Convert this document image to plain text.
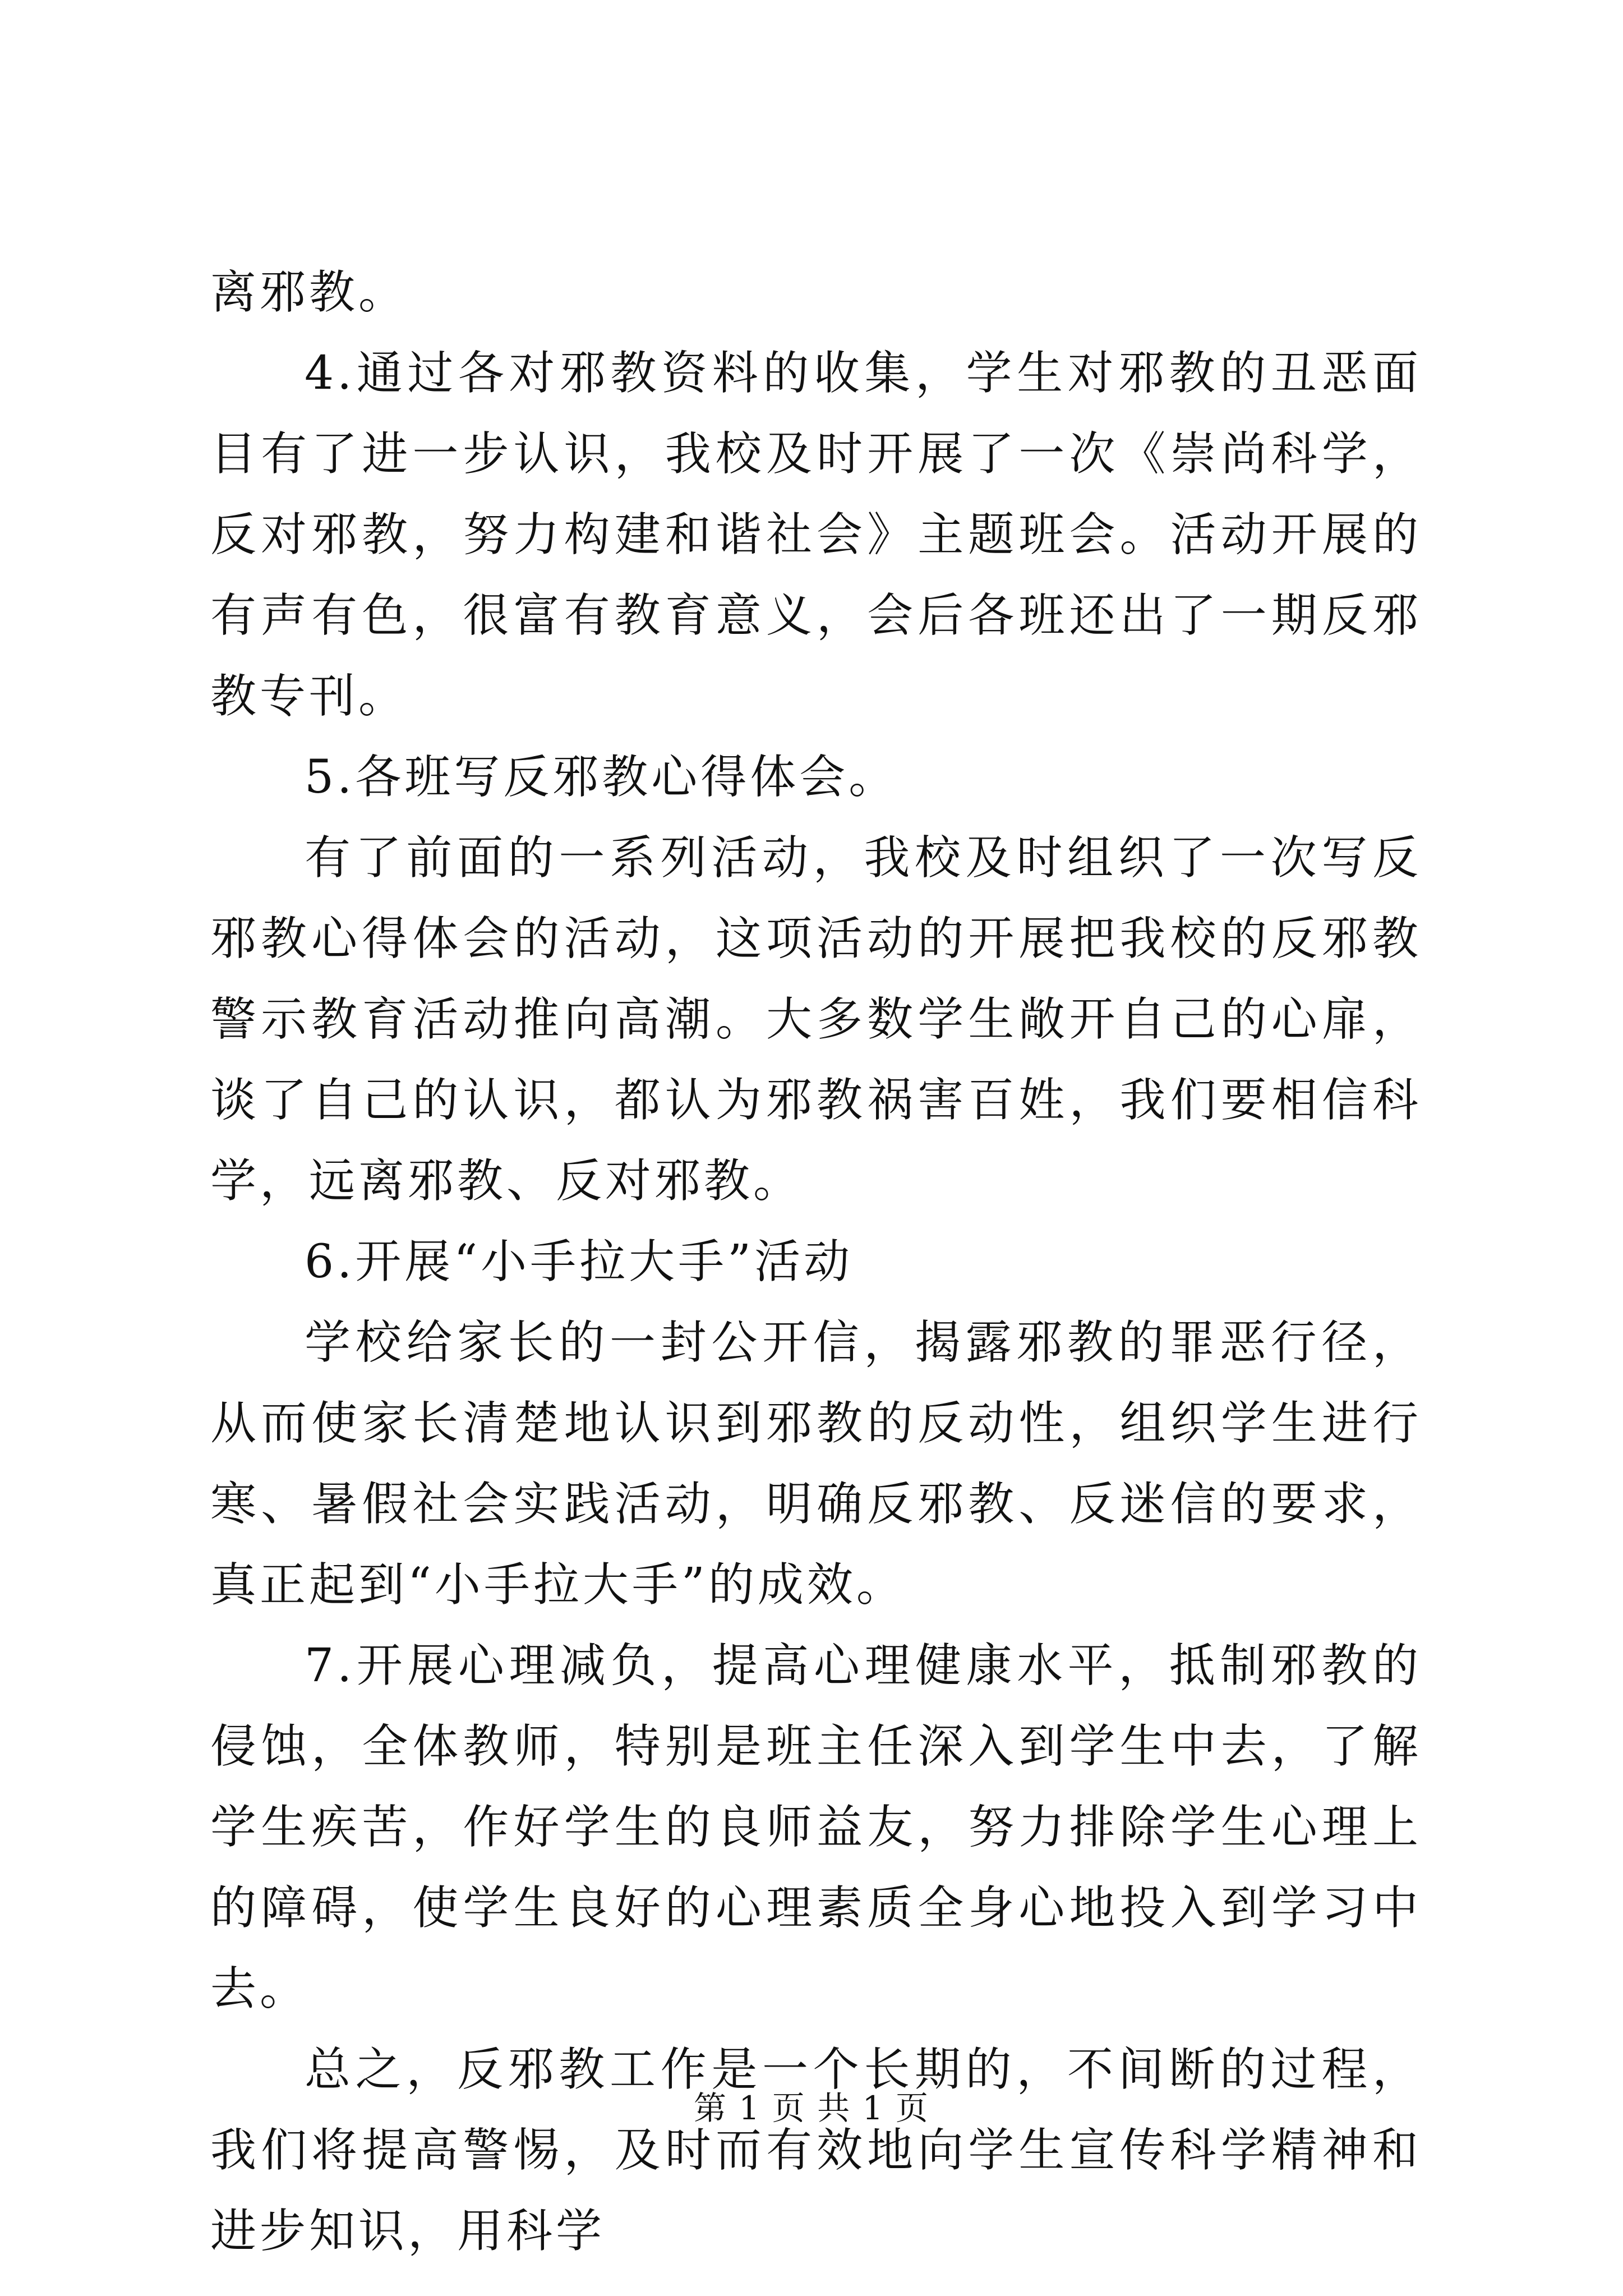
离邪教。

4.通过各对邪教资料的收集，学生对邪教的丑恶面目有了进一步认识，我校及时开展了一次《崇尚科学，反对邪教，努力构建和谐社会》主题班会。活动开展的有声有色，很富有教育意义，会后各班还出了一期反邪教专刊。

5.各班写反邪教心得体会。

有了前面的一系列活动，我校及时组织了一次写反邪教心得体会的活动，这项活动的开展把我校的反邪教警示教育活动推向高潮。大多数学生敞开自己的心扉，谈了自己的认识，都认为邪教祸害百姓，我们要相信科学，远离邪教、反对邪教。

6.开展“小手拉大手”活动

学校给家长的一封公开信，揭露邪教的罪恶行径，从而使家长清楚地认识到邪教的反动性，组织学生进行寒、暑假社会实践活动，明确反邪教、反迷信的要求，真正起到“小手拉大手”的成效。

7.开展心理减负，提高心理健康水平，抵制邪教的侵蚀，全体教师，特别是班主任深入到学生中去，了解学生疾苦，作好学生的良师益友，努力排除学生心理上的障碍，使学生良好的心理素质全身心地投入到学习中去。

总之，反邪教工作是一个长期的，不间断的过程，我们将提高警惕，及时而有效地向学生宣传科学精神和进步知识，用科学

第 1 页 共 1 页
